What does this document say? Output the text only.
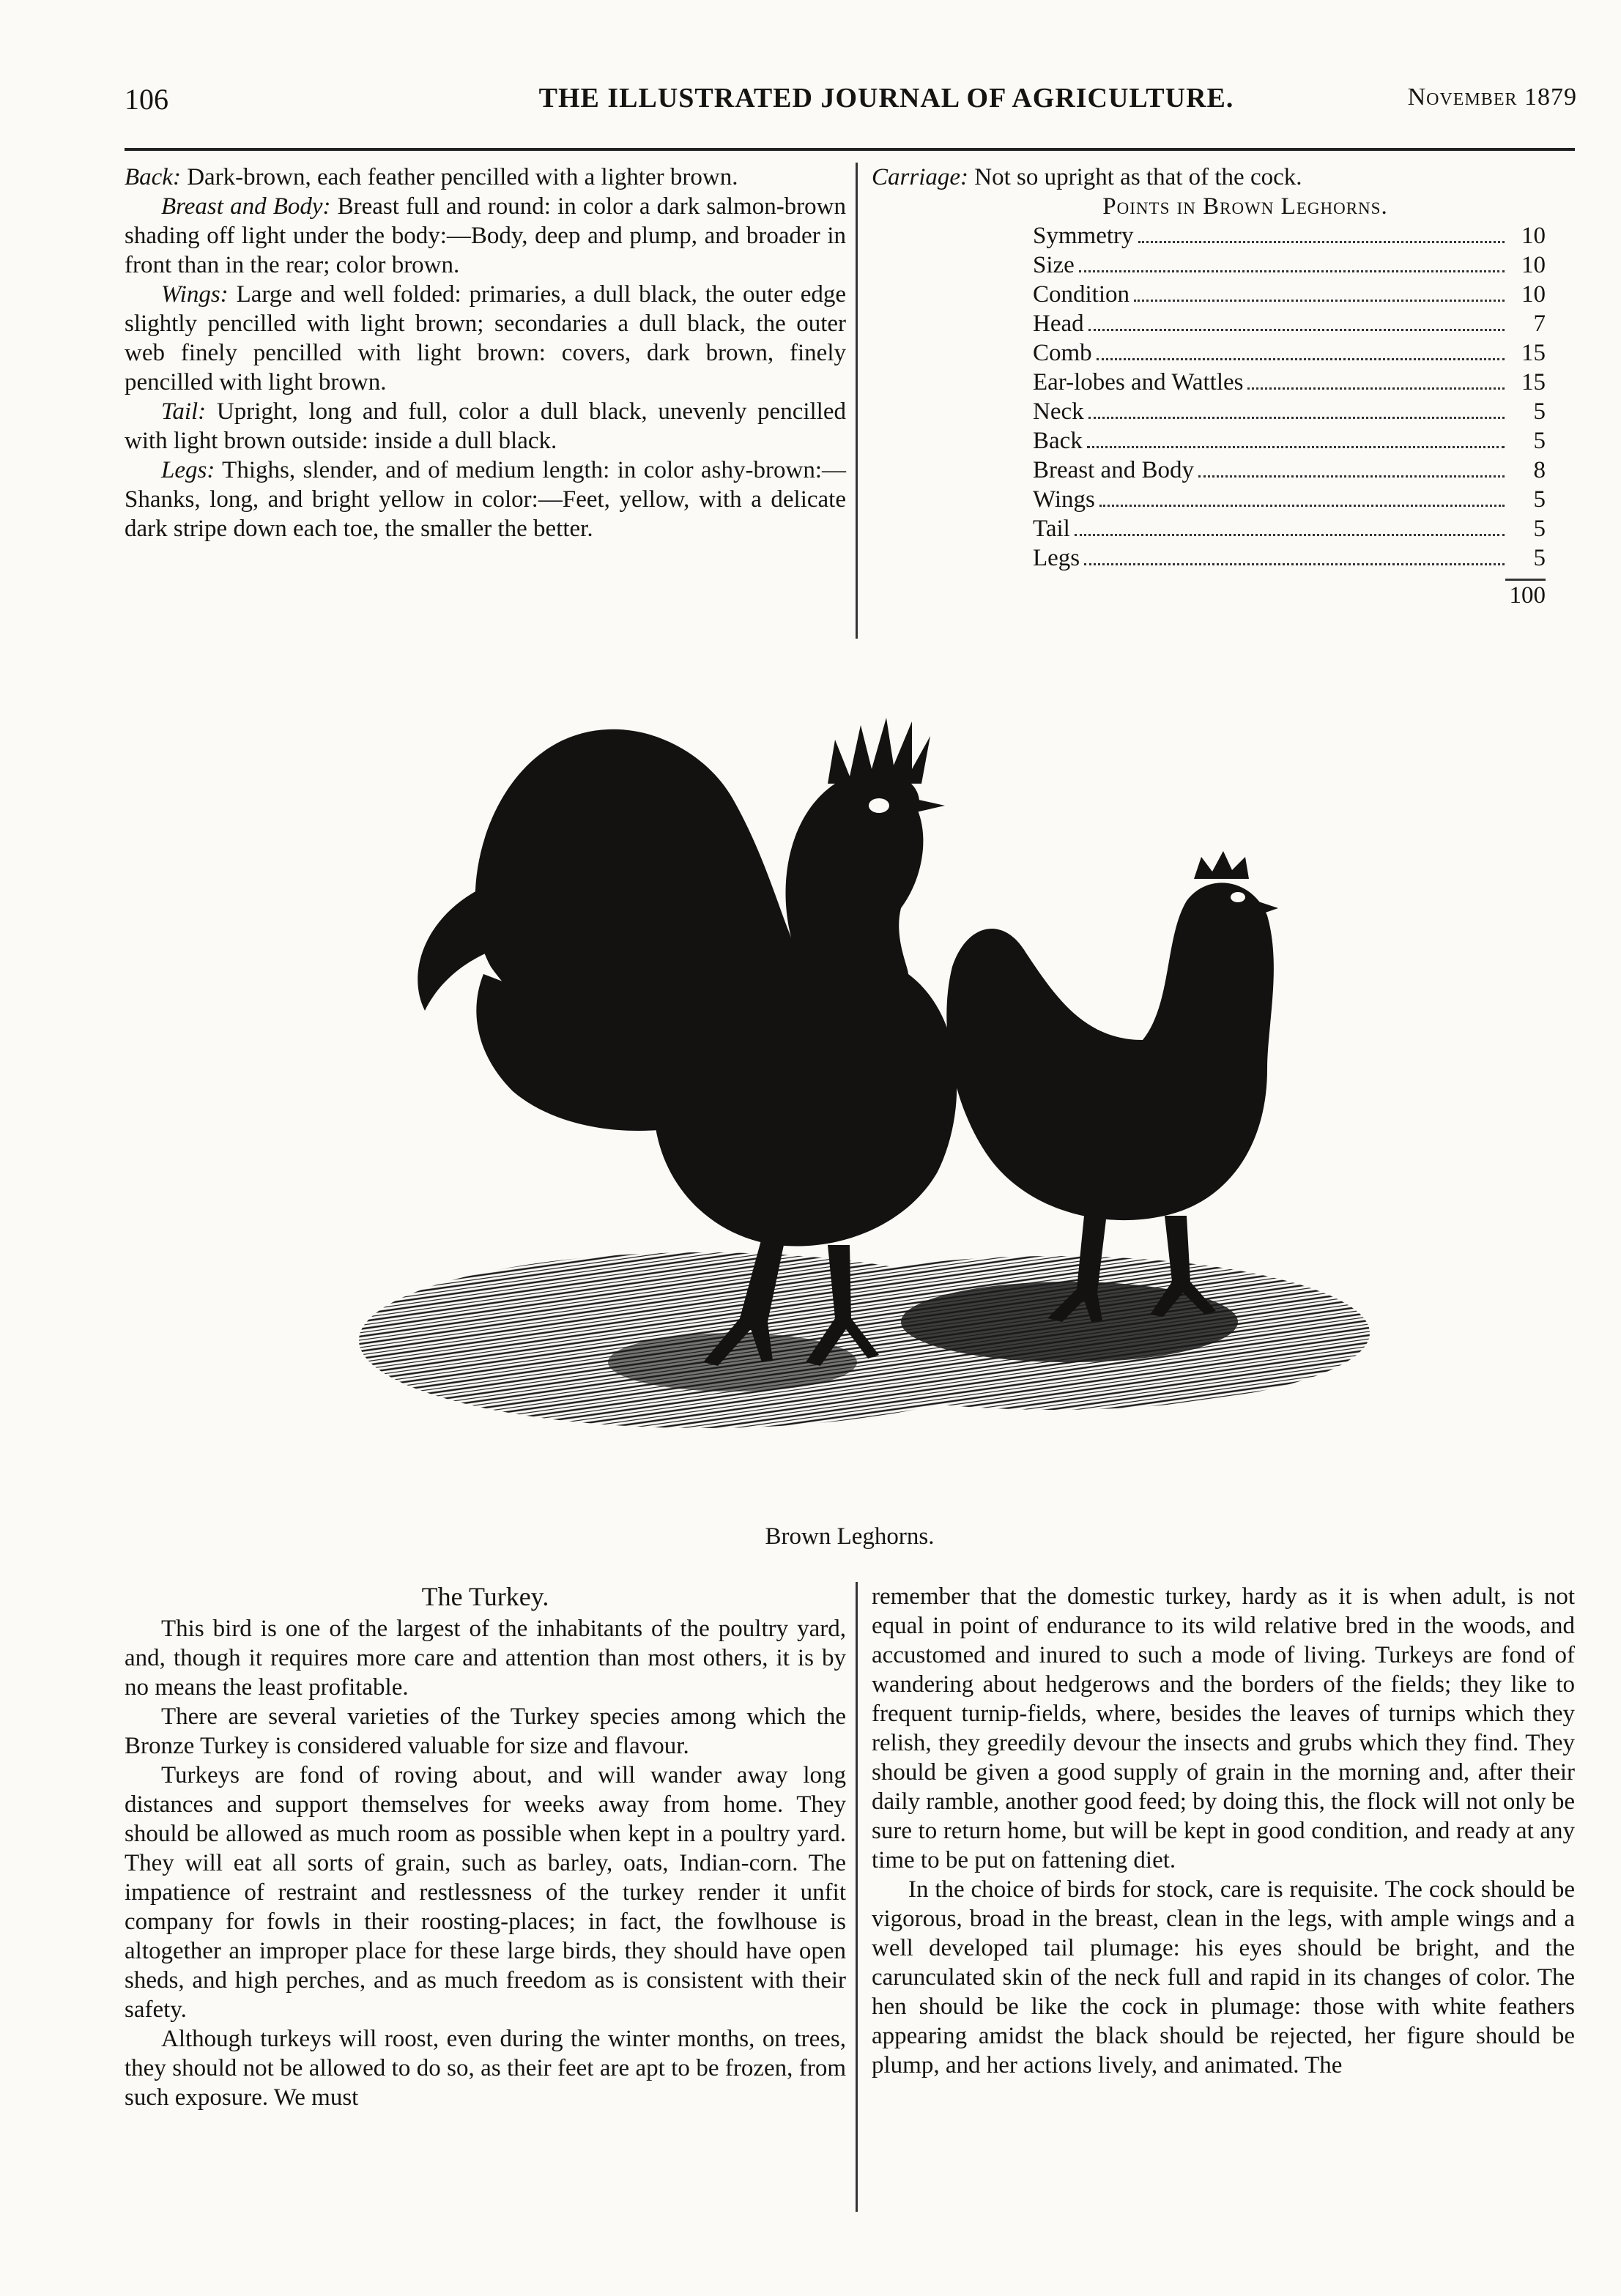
106	THE ILLUSTRATED JOURNAL OF AGRICULTURE.	November 1879

Back: Dark-brown, each feather pencilled with a lighter brown.

Breast and Body: Breast full and round: in color a dark salmon-brown shading off light under the body:—Body, deep and plump, and broader in front than in the rear; color brown.

Wings: Large and well folded: primaries, a dull black, the outer edge slightly pencilled with light brown; secondaries a dull black, the outer web finely pencilled with light brown: covers, dark brown, finely pencilled with light brown.

Tail: Upright, long and full, color a dull black, unevenly pencilled with light brown outside: inside a dull black.

Legs: Thighs, slender, and of medium length: in color ashy-brown:—Shanks, long, and bright yellow in color:—Feet, yellow, with a delicate dark stripe down each toe, the smaller the better.

Carriage: Not so upright as that of the cock.

Points in Brown Leghorns.
Symmetry	10
Size	10
Condition	10
Head	7
Comb	15
Ear-lobes and Wattles	15
Neck	5
Back	5
Breast and Body	8
Wings	5
Tail	5
Legs	5
100
Brown Leghorns.

The Turkey.

This bird is one of the largest of the inhabitants of the poultry yard, and, though it requires more care and attention than most others, it is by no means the least profitable.

There are several varieties of the Turkey species among which the Bronze Turkey is considered valuable for size and flavour.

Turkeys are fond of roving about, and will wander away long distances and support themselves for weeks away from home. They should be allowed as much room as possible when kept in a poultry yard. They will eat all sorts of grain, such as barley, oats, Indian-corn. The impatience of restraint and restlessness of the turkey render it unfit company for fowls in their roosting-places; in fact, the fowlhouse is altogether an improper place for these large birds, they should have open sheds, and high perches, and as much freedom as is consistent with their safety.

Although turkeys will roost, even during the winter months, on trees, they should not be allowed to do so, as their feet are apt to be frozen, from such exposure. We must

remember that the domestic turkey, hardy as it is when adult, is not equal in point of endurance to its wild relative bred in the woods, and accustomed and inured to such a mode of living. Turkeys are fond of wandering about hedgerows and the borders of the fields; they like to frequent turnip-fields, where, besides the leaves of turnips which they relish, they greedily devour the insects and grubs which they find. They should be given a good supply of grain in the morning and, after their daily ramble, another good feed; by doing this, the flock will not only be sure to return home, but will be kept in good condition, and ready at any time to be put on fattening diet.

In the choice of birds for stock, care is requisite. The cock should be vigorous, broad in the breast, clean in the legs, with ample wings and a well developed tail plumage: his eyes should be bright, and the carunculated skin of the neck full and rapid in its changes of color. The hen should be like the cock in plumage: those with white feathers appearing amidst the black should be rejected, her figure should be plump, and her actions lively, and animated. The
